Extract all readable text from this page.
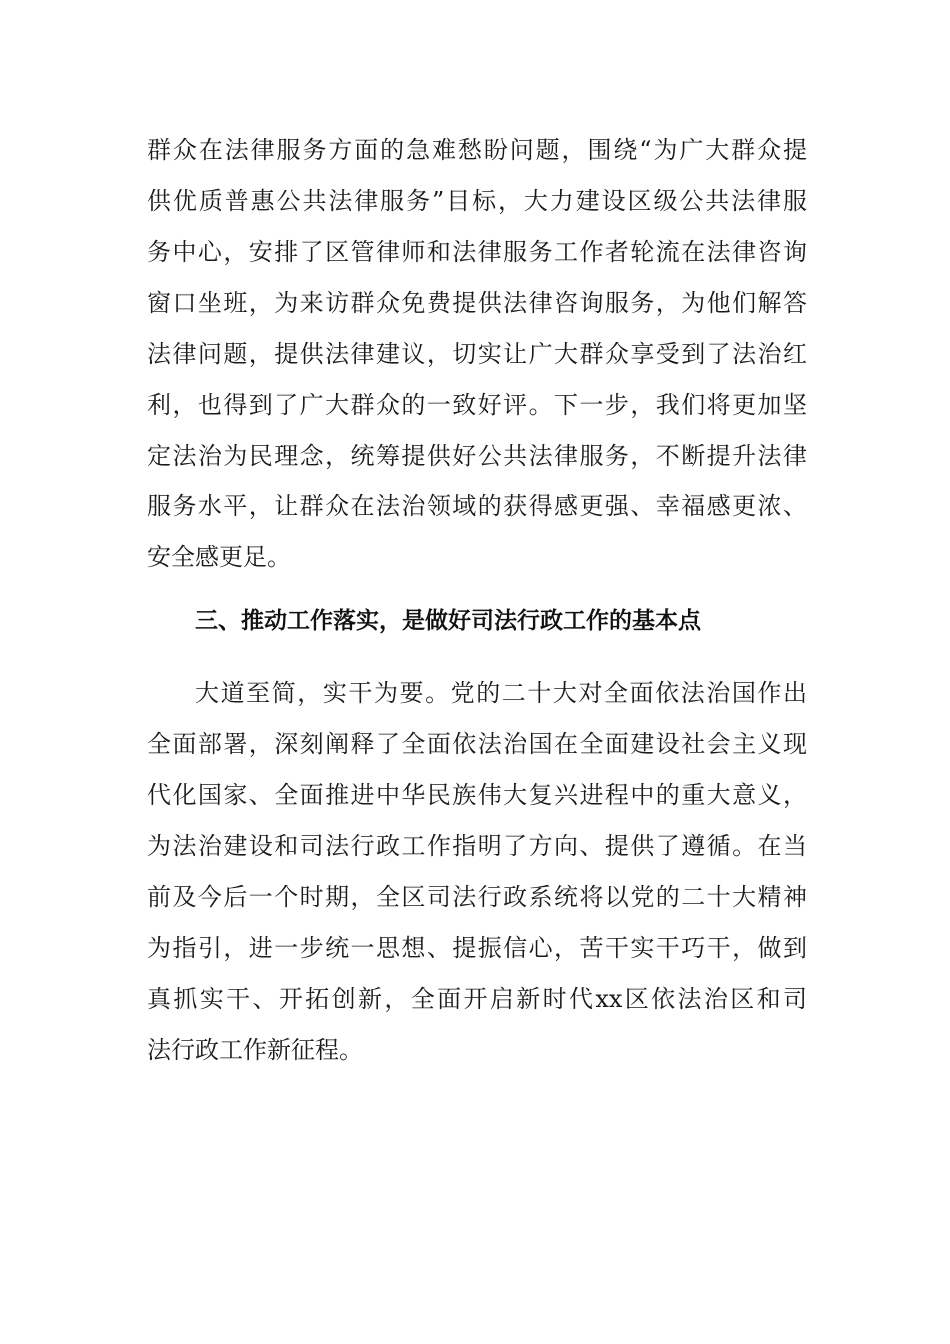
群众在法律服务方面的急难愁盼问题，围绕“为广大群众提
供优质普惠公共法律服务”目标，大力建设区级公共法律服
务中心，安排了区管律师和法律服务工作者轮流在法律咨询
窗口坐班，为来访群众免费提供法律咨询服务，为他们解答
法律问题，提供法律建议，切实让广大群众享受到了法治红
利，也得到了广大群众的一致好评。下一步，我们将更加坚
定法治为民理念，统筹提供好公共法律服务，不断提升法律
服务水平，让群众在法治领域的获得感更强、幸福感更浓、
安全感更足。
三、推动工作落实，是做好司法行政工作的基本点
大道至简，实干为要。党的二十大对全面依法治国作出
全面部署，深刻阐释了全面依法治国在全面建设社会主义现
代化国家、全面推进中华民族伟大复兴进程中的重大意义，
为法治建设和司法行政工作指明了方向、提供了遵循。在当
前及今后一个时期，全区司法行政系统将以党的二十大精神
为指引，进一步统一思想、提振信心，苦干实干巧干，做到
真抓实干、开拓创新，全面开启新时代xx区依法治区和司
法行政工作新征程。
